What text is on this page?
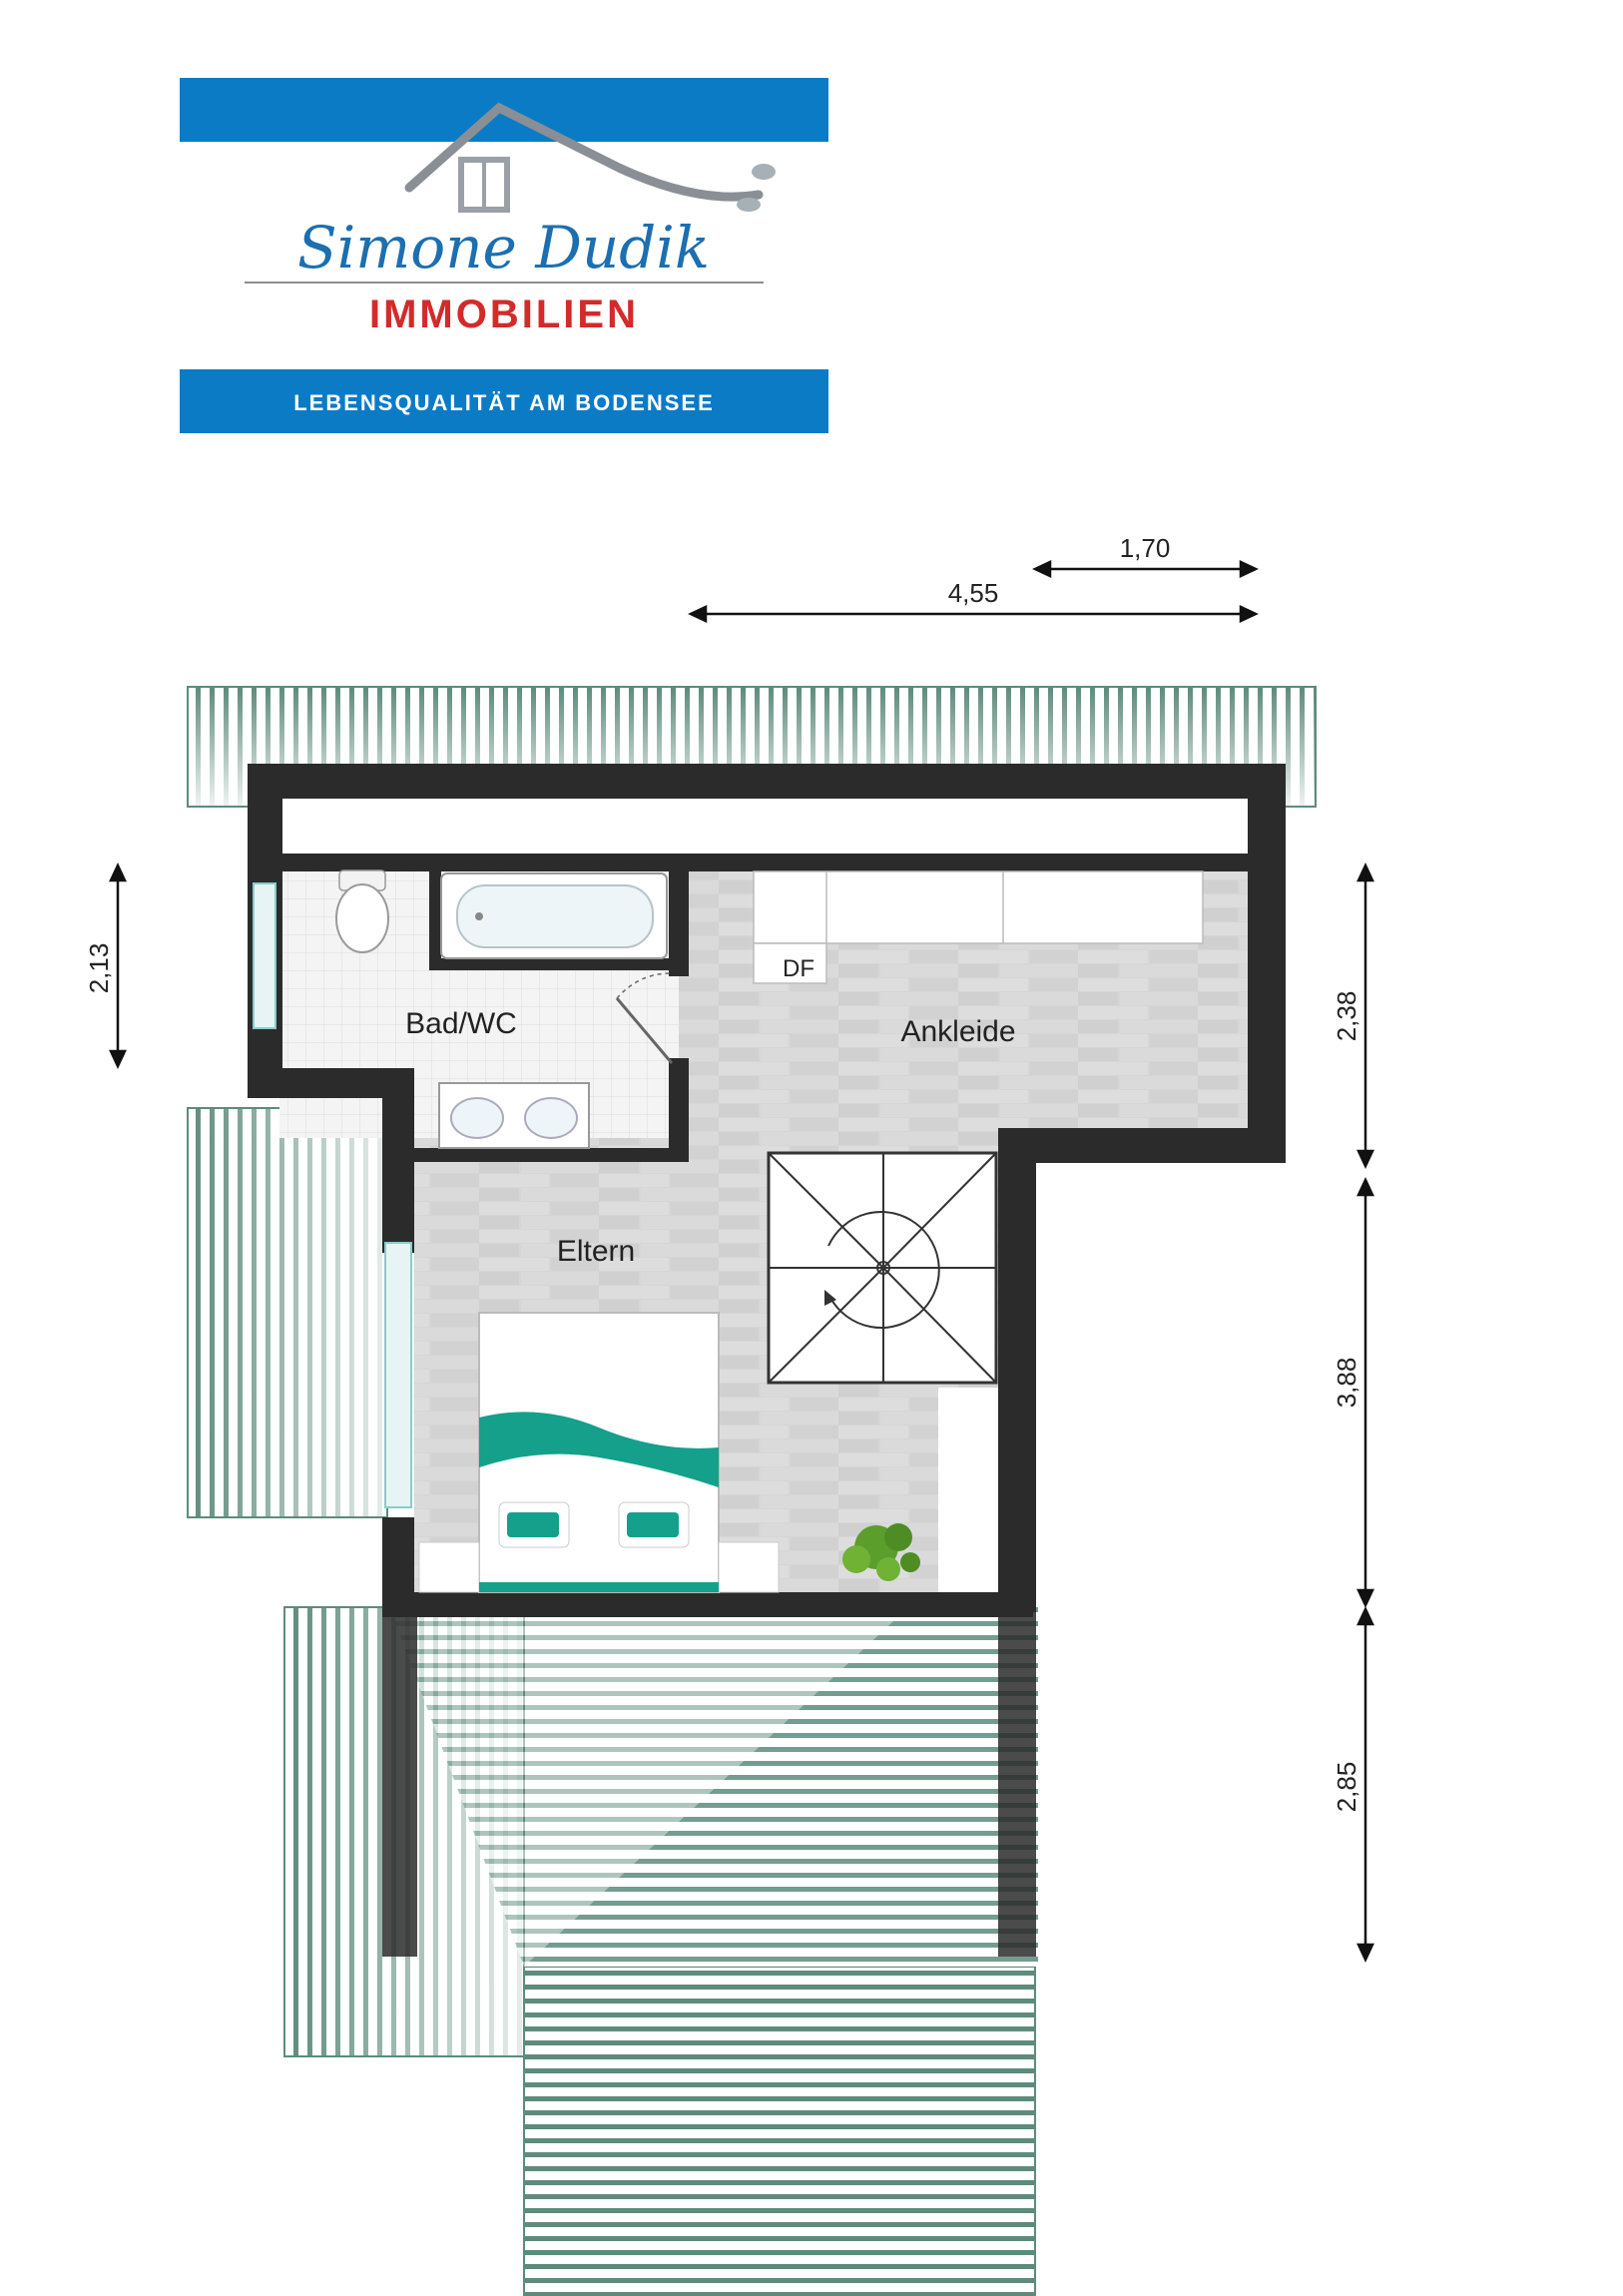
Simone Dudik
IMMOBILIEN
LEBENSQUALITÄT AM BODENSEE
Bad/WC	Ankleide
Eltern
DF
1,70
4,55
2,13
2,38
3,88
2,85
